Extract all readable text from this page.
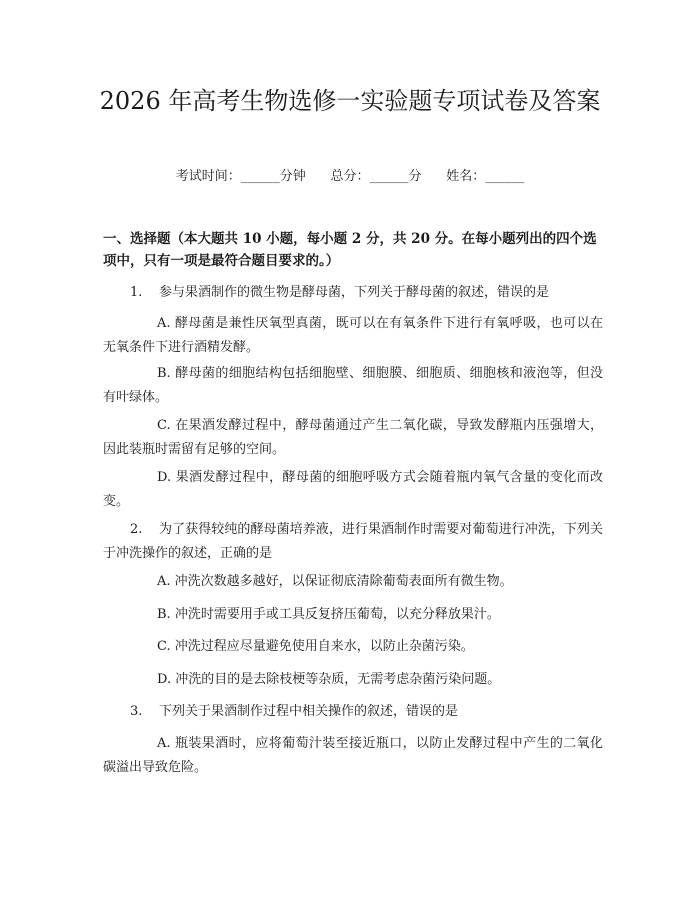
2026 年高考生物选修一实验题专项试卷及答案
考试时间：______分钟      总分：______分      姓名：______

一、选择题（本大题共 10 小题，每小题 2 分，共 20 分。在每小题列出的四个选项中，只有一项是最符合题目要求的。）

1. 参与果酒制作的微生物是酵母菌，下列关于酵母菌的叙述，错误的是

A. 酵母菌是兼性厌氧型真菌，既可以在有氧条件下进行有氧呼吸，也可以在无氧条件下进行酒精发酵。

B. 酵母菌的细胞结构包括细胞壁、细胞膜、细胞质、细胞核和液泡等，但没有叶绿体。

C. 在果酒发酵过程中，酵母菌通过产生二氧化碳，导致发酵瓶内压强增大，因此装瓶时需留有足够的空间。

D. 果酒发酵过程中，酵母菌的细胞呼吸方式会随着瓶内氧气含量的变化而改变。

2. 为了获得较纯的酵母菌培养液，进行果酒制作时需要对葡萄进行冲洗，下列关于冲洗操作的叙述，正确的是

A. 冲洗次数越多越好，以保证彻底清除葡萄表面所有微生物。

B. 冲洗时需要用手或工具反复挤压葡萄，以充分释放果汁。

C. 冲洗过程应尽量避免使用自来水，以防止杂菌污染。

D. 冲洗的目的是去除枝梗等杂质，无需考虑杂菌污染问题。

3. 下列关于果酒制作过程中相关操作的叙述，错误的是

A. 瓶装果酒时，应将葡萄汁装至接近瓶口，以防止发酵过程中产生的二氧化碳溢出导致危险。
